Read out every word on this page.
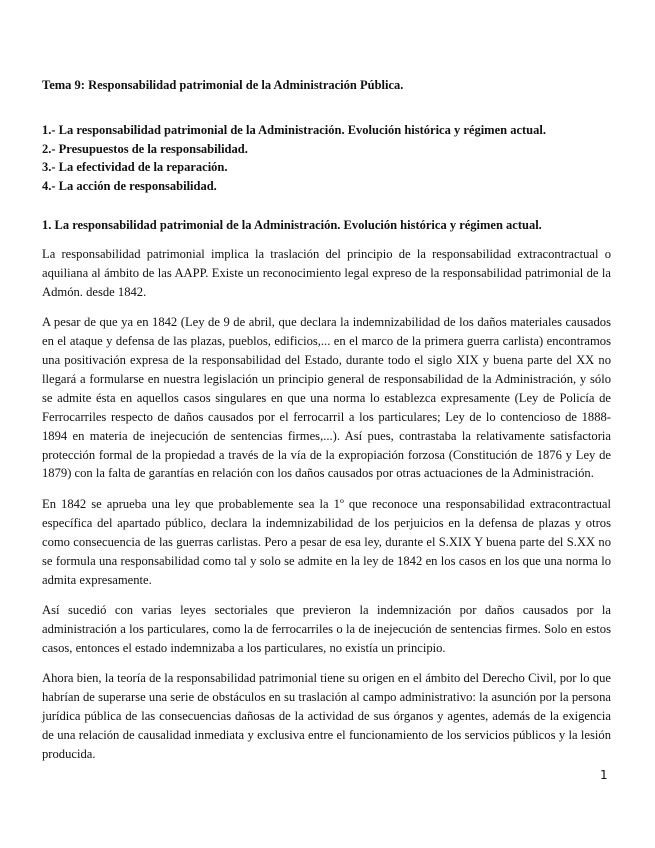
Tema 9: Responsabilidad patrimonial de la Administración Pública.
1.- La responsabilidad patrimonial de la Administración. Evolución histórica y régimen actual.
2.- Presupuestos de la responsabilidad.
3.- La efectividad de la reparación.
4.- La acción de responsabilidad.
1. La responsabilidad patrimonial de la Administración. Evolución histórica y régimen actual.

La responsabilidad patrimonial implica la traslación del principio de la responsabilidad extracontractual o aquiliana al ámbito de las AAPP. Existe un reconocimiento legal expreso de la responsabilidad patrimonial de la Admón. desde 1842.

A pesar de que ya en 1842 (Ley de 9 de abril, que declara la indemnizabilidad de los daños materiales causados en el ataque y defensa de las plazas, pueblos, edificios,... en el marco de la primera guerra carlista) encontramos una positivación expresa de la responsabilidad del Estado, durante todo el siglo XIX y buena parte del XX no llegará a formularse en nuestra legislación un principio general de responsabilidad de la Administración, y sólo se admite ésta en aquellos casos singulares en que una norma lo establezca expresamente (Ley de Policía de Ferrocarriles respecto de daños causados por el ferrocarril a los particulares; Ley de lo contencioso de 1888-1894 en materia de inejecución de sentencias firmes,...). Así pues, contrastaba la relativamente satisfactoria protección formal de la propiedad a través de la vía de la expropiación forzosa (Constitución de 1876 y Ley de 1879) con la falta de garantías en relación con los daños causados por otras actuaciones de la Administración.

En 1842 se aprueba una ley que probablemente sea la 1º que reconoce una responsabilidad extracontractual específica del apartado público, declara la indemnizabilidad de los perjuicios en la defensa de plazas y otros como consecuencia de las guerras carlistas. Pero a pesar de esa ley, durante el S.XIX Y buena parte del S.XX no se formula una responsabilidad como tal y solo se admite en la ley de 1842 en los casos en los que una norma lo admita expresamente.

Así sucedió con varias leyes sectoriales que previeron la indemnización por daños causados por la administración a los particulares, como la de ferrocarriles o la de inejecución de sentencias firmes. Solo en estos casos, entonces el estado indemnizaba a los particulares, no existía un principio.

Ahora bien, la teoría de la responsabilidad patrimonial tiene su origen en el ámbito del Derecho Civil, por lo que habrían de superarse una serie de obstáculos en su traslación al campo administrativo: la asunción por la persona jurídica pública de las consecuencias dañosas de la actividad de sus órganos y agentes, además de la exigencia de una relación de causalidad inmediata y exclusiva entre el funcionamiento de los servicios públicos y la lesión producida.

1
